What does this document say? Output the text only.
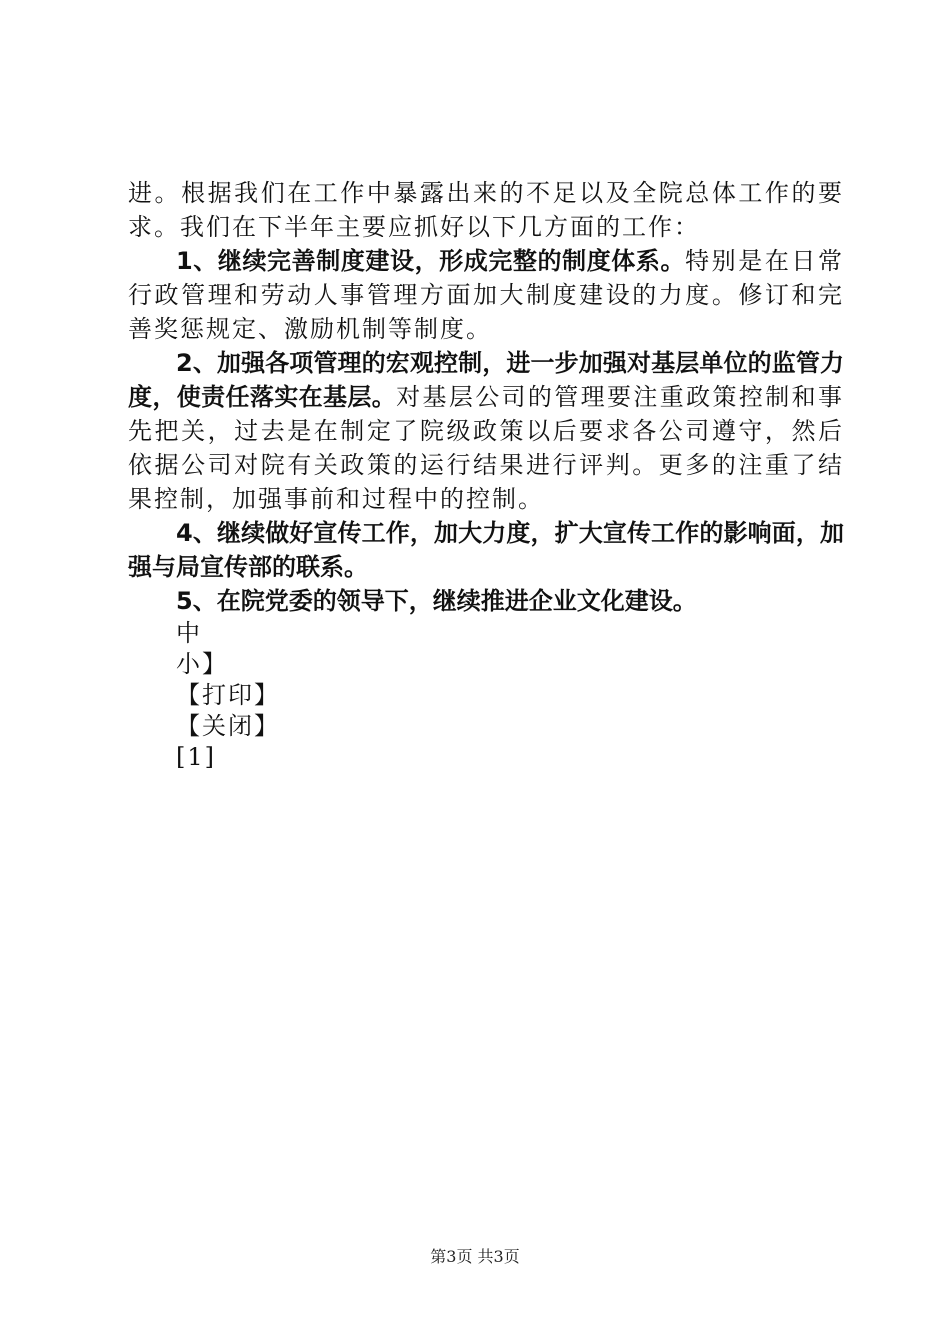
进。根据我们在工作中暴露出来的不足以及全院总体工作的要求。我们在下半年主要应抓好以下几方面的工作：

1、继续完善制度建设，形成完整的制度体系。特别是在日常行政管理和劳动人事管理方面加大制度建设的力度。修订和完善奖惩规定、激励机制等制度。

2、加强各项管理的宏观控制，进一步加强对基层单位的监管力度，使责任落实在基层。对基层公司的管理要注重政策控制和事先把关，过去是在制定了院级政策以后要求各公司遵守，然后依据公司对院有关政策的运行结果进行评判。更多的注重了结果控制，加强事前和过程中的控制。

4、继续做好宣传工作，加大力度，扩大宣传工作的影响面，加强与局宣传部的联系。

5、在院党委的领导下，继续推进企业文化建设。

中

小】

【打印】

【关闭】

[1]

第3页 共3页
